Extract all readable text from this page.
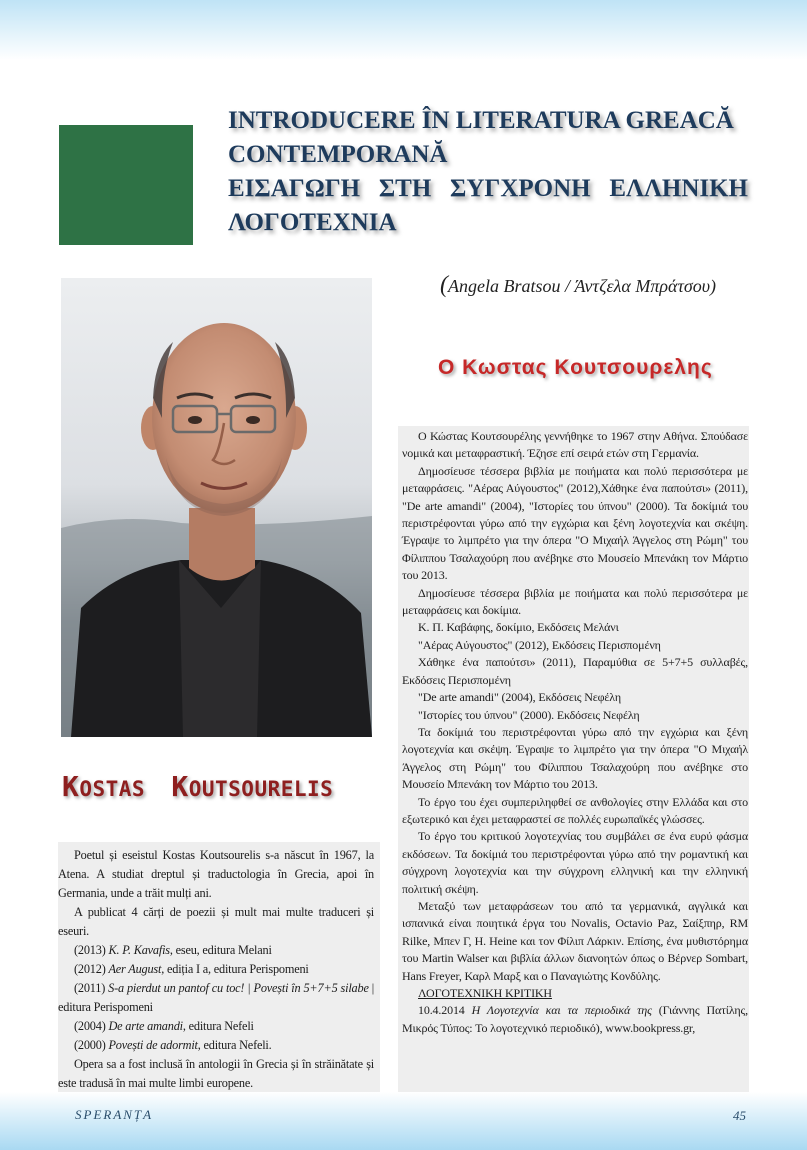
INTRODUCERE ÎN LITERATURA GREACĂ
CONTEMPORANĂ
ΕΙΣΑΓΩΓΗ ΣΤΗ ΣΥΓΧΡΟΝΗ ΕΛΛΗΝΙΚΗ
ΛΟΓΟΤΕΧΝΙΑ
(Angela Bratsou / Άντζελα Μπράτσου)
Ο Κωστας Κουτσουρελης

Ο Κώστας Κουτσουρέλης γεννήθηκε το 1967 στην Αθήνα. Σπούδασε νομικά και μεταφραστική. Έζησε επί σειρά ετών στη Γερμανία.

Δημοσίευσε τέσσερα βιβλία με ποιήματα και πολύ περισσότερα με μεταφράσεις. "Αέρας Αύγουστος" (2012),Χάθηκε ένα παπούτσι» (2011), "De arte amandi" (2004), "Ιστορίες του ύπνου" (2000). Τα δοκίμιά του περιστρέφονται γύρω από την εγχώρια και ξένη λογοτεχνία και σκέψη. Έγραψε το λιμπρέτο για την όπερα "Ο Μιχαήλ Άγγελος στη Ρώμη" του Φίλιππου Τσαλαχούρη που ανέβηκε στο Μουσείο Μπενάκη τον Μάρτιο του 2013.

Δημοσίευσε τέσσερα βιβλία με ποιήματα και πολύ περισσότερα με μεταφράσεις και δοκίμια.

Κ. Π. Καβάφης, δοκίμιο, Εκδόσεις Μελάνι

"Αέρας Αύγουστος" (2012), Εκδόσεις Περισπομένη

Χάθηκε ένα παπούτσι» (2011), Παραμύθια σε 5+7+5 συλλαβές, Εκδόσεις Περισπομένη

"De arte amandi" (2004), Εκδόσεις Νεφέλη

"Ιστορίες του ύπνου" (2000). Εκδόσεις Νεφέλη

Τα δοκίμιά του περιστρέφονται γύρω από την εγχώρια και ξένη λογοτεχνία και σκέψη. Έγραψε το λιμπρέτο για την όπερα "Ο Μιχαήλ Άγγελος στη Ρώμη" του Φίλιππου Τσαλαχούρη που ανέβηκε στο Μουσείο Μπενάκη τον Μάρτιο του 2013.

Το έργο του έχει συμπεριληφθεί σε ανθολογίες στην Ελλάδα και στο εξωτερικό και έχει μεταφραστεί σε πολλές ευρωπαϊκές γλώσσες.

Το έργο του κριτικού λογοτεχνίας του συμβάλει σε ένα ευρύ φάσμα εκδόσεων. Τα δοκίμιά του περιστρέφονται γύρω από την ρομαντική και σύγχρονη λογοτεχνία και την σύγχρονη ελληνική και την ελληνική πολιτική σκέψη.

Μεταξύ των μεταφράσεων του από τα γερμανικά, αγγλικά και ισπανικά είναι ποιητικά έργα του Novalis, Octavio Paz, Σαίξπηρ, RM Rilke, Μπεν Γ, H. Heine και τον Φίλιπ Λάρκιν. Επίσης, ένα μυθιστόρημα του Martin Walser και βιβλία άλλων διανοητών όπως ο Βέρνερ Sombart, Hans Freyer, Καρλ Μαρξ και ο Παναγιώτης Κονδύλης.

ΛΟΓΟΤΕΧΝΙΚΗ ΚΡΙΤΙΚΗ

10.4.2014 Η Λογοτεχνία και τα περιοδικά της (Γιάννης Πατίλης, Μικρός Τύπος: Το λογοτεχνικό περιοδικό), www.bookpress.gr,

KOSTAS KOUTSOURELIS

Poetul și eseistul Kostas Koutsourelis s-a născut în 1967, la Atena. A studiat dreptul și traductologia în Grecia, apoi în Germania, unde a trăit mulți ani.

A publicat 4 cărți de poezii și mult mai multe traduceri și eseuri.

(2013) K. P. Kavafis, eseu, editura Melani

(2012) Aer August, ediția I a, editura Perispomeni

(2011) S-a pierdut un pantof cu toc! | Povești în 5+7+5 silabe | editura Perispomeni

(2004) De arte amandi, editura Nefeli

(2000) Povești de adormit, editura Nefeli.

Opera sa a fost inclusă în antologii în Grecia și în străinătate și este tradusă în mai multe limbi europene.

SPERANȚA	45
